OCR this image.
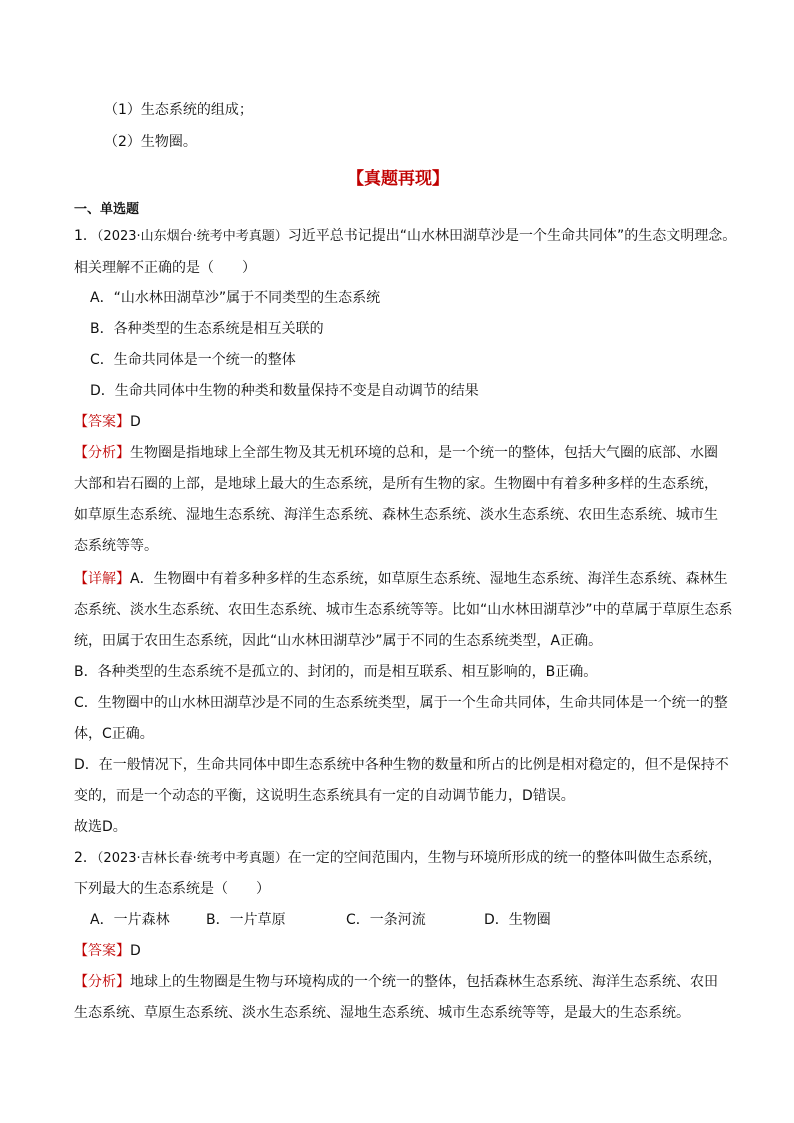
（1）生态系统的组成；
（2）生物圈。
【真题再现】
一、单选题
1．（2023·山东烟台·统考中考真题）习近平总书记提出“山水林田湖草沙是一个生命共同体”的生态文明理念。
相关理解不正确的是（　　）
A．“山水林田湖草沙”属于不同类型的生态系统
B．各种类型的生态系统是相互关联的
C．生命共同体是一个统一的整体
D．生命共同体中生物的种类和数量保持不变是自动调节的结果
【答案】D
【分析】生物圈是指地球上全部生物及其无机环境的总和，是一个统一的整体，包括大气圈的底部、水圈
大部和岩石圈的上部，是地球上最大的生态系统，是所有生物的家。生物圈中有着多种多样的生态系统，
如草原生态系统、湿地生态系统、海洋生态系统、森林生态系统、淡水生态系统、农田生态系统、城市生
态系统等等。
【详解】A．生物圈中有着多种多样的生态系统，如草原生态系统、湿地生态系统、海洋生态系统、森林生
态系统、淡水生态系统、农田生态系统、城市生态系统等等。比如“山水林田湖草沙”中的草属于草原生态系
统，田属于农田生态系统，因此“山水林田湖草沙”属于不同的生态系统类型，A正确。
B．各种类型的生态系统不是孤立的、封闭的，而是相互联系、相互影响的，B正确。
C．生物圈中的山水林田湖草沙是不同的生态系统类型，属于一个生命共同体，生命共同体是一个统一的整
体，C正确。
D．在一般情况下，生命共同体中即生态系统中各种生物的数量和所占的比例是相对稳定的，但不是保持不
变的，而是一个动态的平衡，这说明生态系统具有一定的自动调节能力，D错误。
故选D。
2．（2023·吉林长春·统考中考真题）在一定的空间范围内，生物与环境所形成的统一的整体叫做生态系统，
下列最大的生态系统是（　　）
A．一片森林	B．一片草原	C．一条河流	D．生物圈
【答案】D
【分析】地球上的生物圈是生物与环境构成的一个统一的整体，包括森林生态系统、海洋生态系统、农田
生态系统、草原生态系统、淡水生态系统、湿地生态系统、城市生态系统等等，是最大的生态系统。
